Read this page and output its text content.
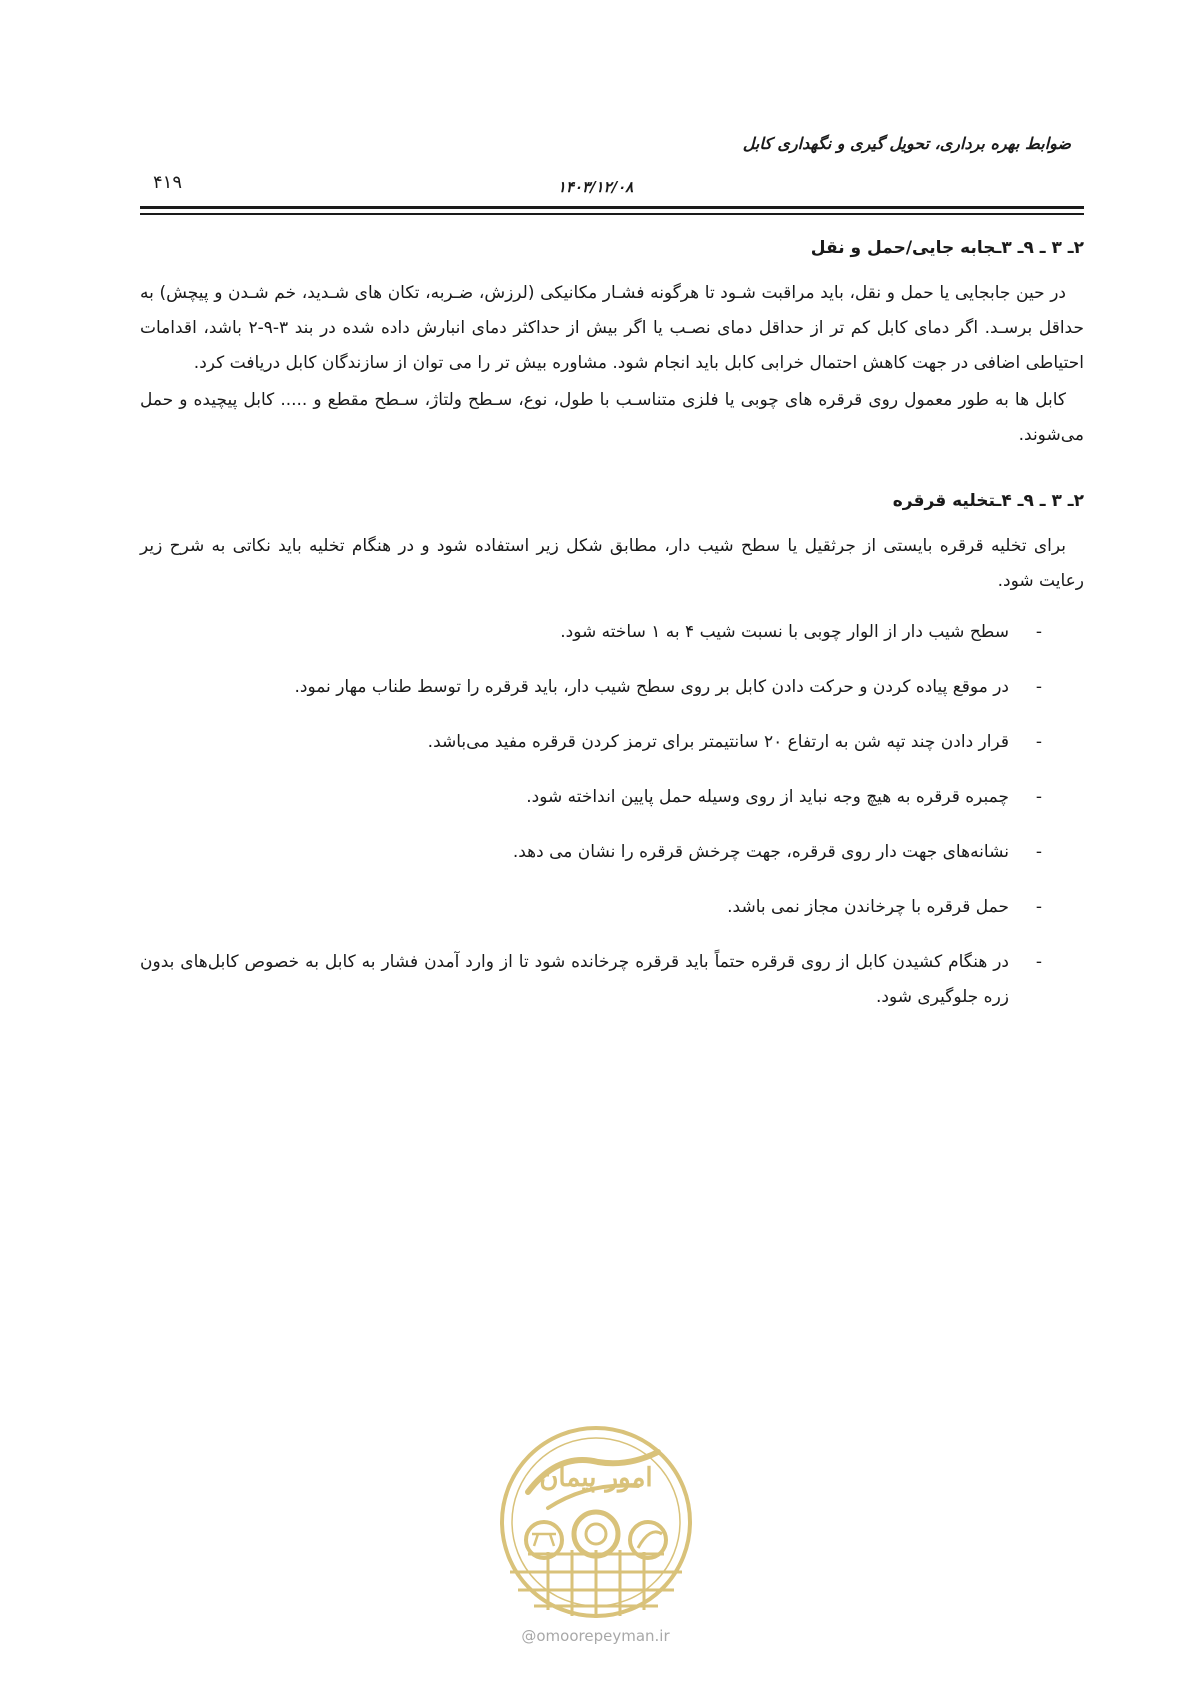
ضوابط بهره برداری، تحویل گیری و نگهداری کابل
۴۱۹	۱۴۰۳/۱۲/۰۸
۲ـ ۳ ـ ۹ـ ۳ـجابه جایی/حمل و نقل

در حین جابجایی یا حمل و نقل، باید مراقبت شـود تا هرگونه فشـار مکانیکی (لرزش، ضـربه، تکان های شـدید، خم شـدن و پیچش) به حداقل برسـد. اگر دمای کابل کم تر از حداقل دمای نصـب یا اگر بیش از حداکثر دمای انبارش داده شده در بند ۳-۹-۲ باشد، اقدامات احتیاطی اضافی در جهت کاهش احتمال خرابی کابل باید انجام شود. مشاوره بیش تر را می توان از سازندگان کابل دریافت کرد.

کابل ها به طور معمول روی قرقره های چوبی یا فلزی متناسـب با طول، نوع، سـطح ولتاژ، سـطح مقطع و ..... کابل پیچیده و حمل می‌شوند.

۲ـ ۳ ـ ۹ـ ۴ـتخلیه قرقره

برای تخلیه قرقره بایستی از جرثقیل یا سطح شیب دار، مطابق شکل زیر استفاده شود و در هنگام تخلیه باید نکاتی به شرح زیر رعایت شود.

-
سطح شیب دار از الوار چوبی با نسبت شیب ۴ به ۱ ساخته شود.
-
در موقع پیاده کردن و حرکت دادن کابل بر روی سطح شیب دار، باید قرقره را توسط طناب مهار نمود.
-
قرار دادن چند تپه شن به ارتفاع ۲۰ سانتیمتر برای ترمز کردن قرقره مفید می‌باشد.
-
چمبره قرقره به هیچ وجه نباید از روی وسیله حمل پایین انداخته شود.
-
نشانه‌های جهت دار روی قرقره، جهت چرخش قرقره را نشان می دهد.
-
حمل قرقره با چرخاندن مجاز نمی باشد.
-
در هنگام کشیدن کابل از روی قرقره حتماً باید قرقره چرخانده شود تا از وارد آمدن فشار به کابل به خصوص کابل‌های بدون زره جلوگیری شود.
امور پیمان
@omoorepeyman.ir
